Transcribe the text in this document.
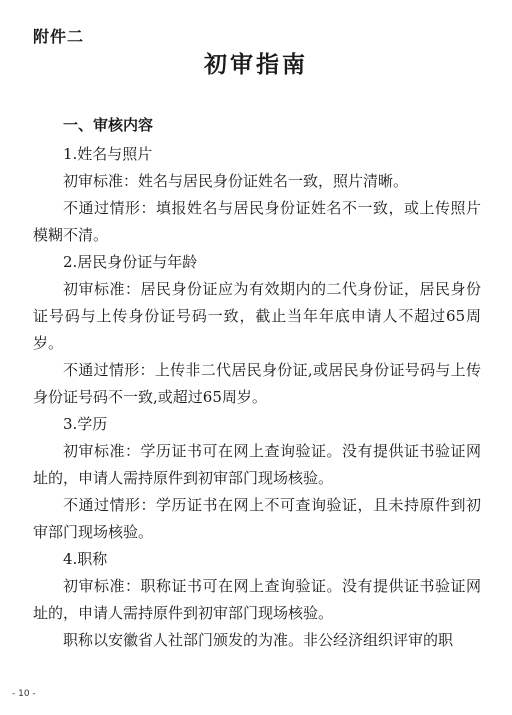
附件二
初审指南

一、审核内容

1.姓名与照片

初审标准：姓名与居民身份证姓名一致，照片清晰。

不通过情形：填报姓名与居民身份证姓名不一致，或上传照片模糊不清。

2.居民身份证与年龄

初审标准：居民身份证应为有效期内的二代身份证，居民身份证号码与上传身份证号码一致，截止当年年底申请人不超过65周岁。

不通过情形：上传非二代居民身份证,或居民身份证号码与上传身份证号码不一致,或超过65周岁。

3.学历

初审标准：学历证书可在网上查询验证。没有提供证书验证网址的，申请人需持原件到初审部门现场核验。

不通过情形：学历证书在网上不可查询验证，且未持原件到初审部门现场核验。

4.职称

初审标准：职称证书可在网上查询验证。没有提供证书验证网址的，申请人需持原件到初审部门现场核验。

职称以安徽省人社部门颁发的为准。非公经济组织评审的职

- 10 -
